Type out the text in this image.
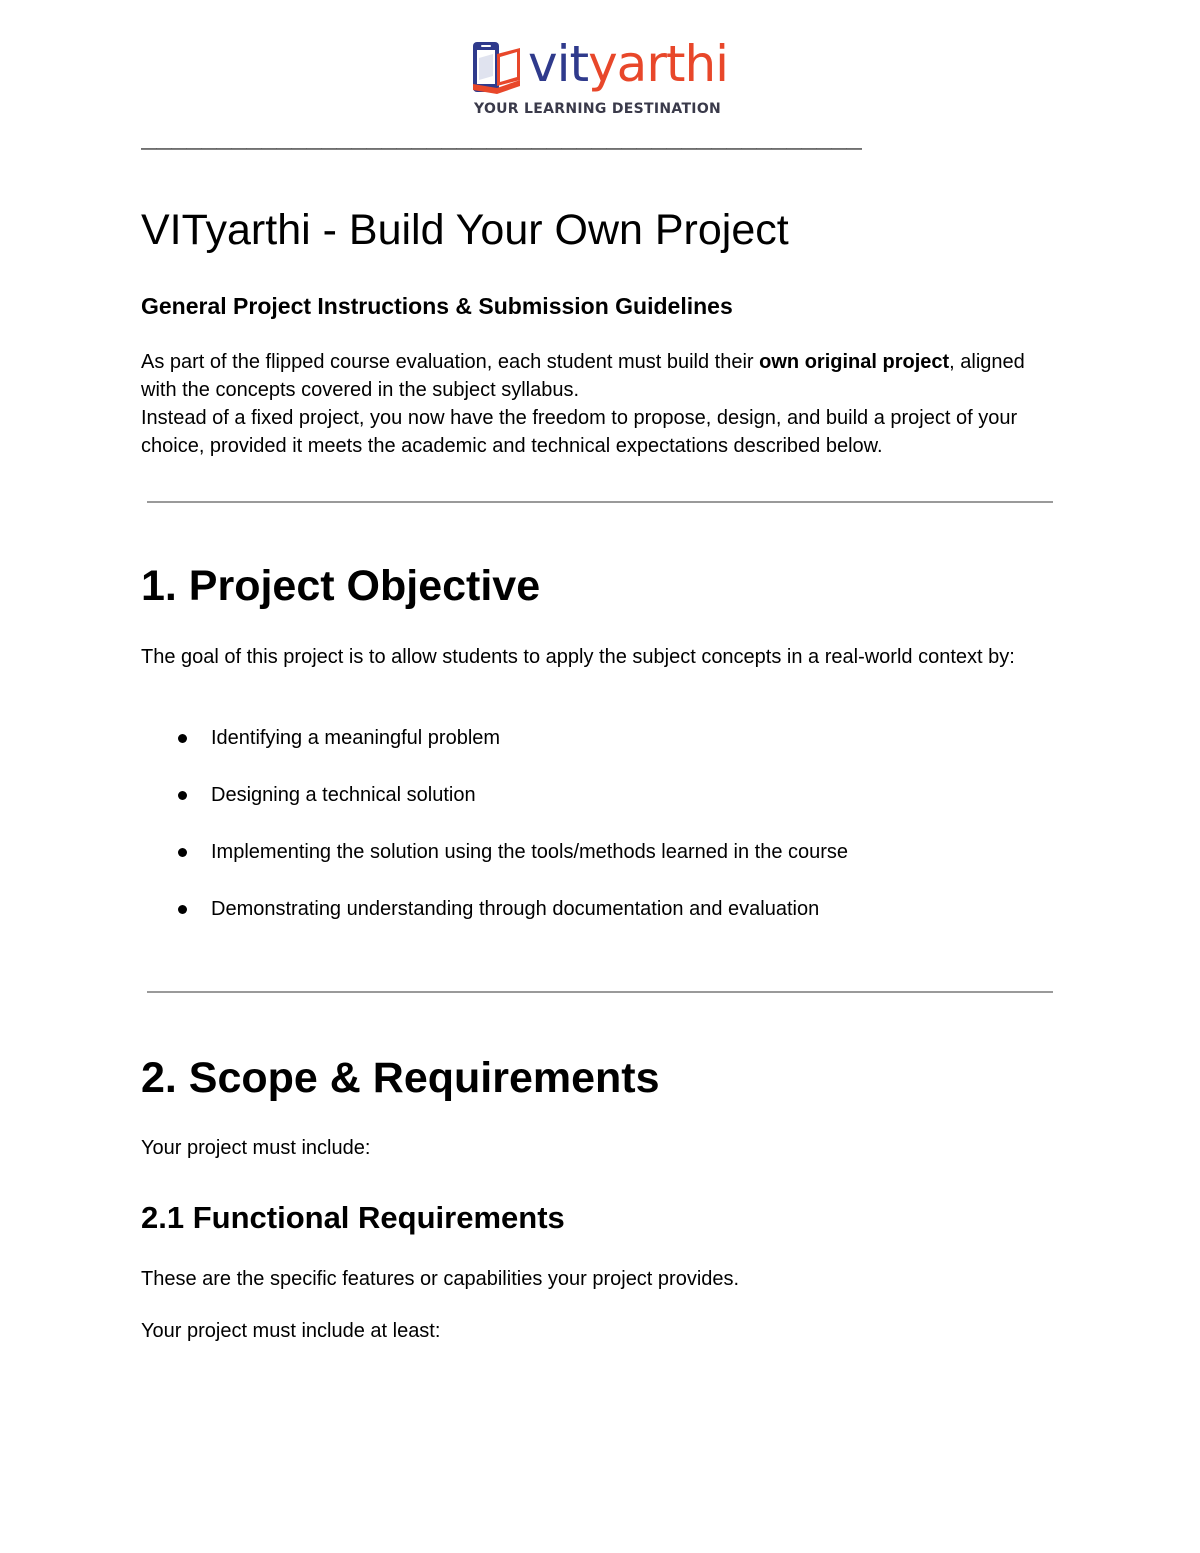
vityarthi
YOUR LEARNING DESTINATION
————————————————————————————————————————————————
VITyarthi - Build Your Own Project
General Project Instructions & Submission Guidelines
As part of the flipped course evaluation, each student must build their own original project, aligned with the concepts covered in the subject syllabus.
Instead of a fixed project, you now have the freedom to propose, design, and build a project of your choice, provided it meets the academic and technical expectations described below.
1. Project Objective

The goal of this project is to allow students to apply the subject concepts in a real-world context by:

Identifying a meaningful problem
Designing a technical solution
Implementing the solution using the tools/methods learned in the course
Demonstrating understanding through documentation and evaluation
2. Scope & Requirements

Your project must include:

2.1 Functional Requirements

These are the specific features or capabilities your project provides.

Your project must include at least:
